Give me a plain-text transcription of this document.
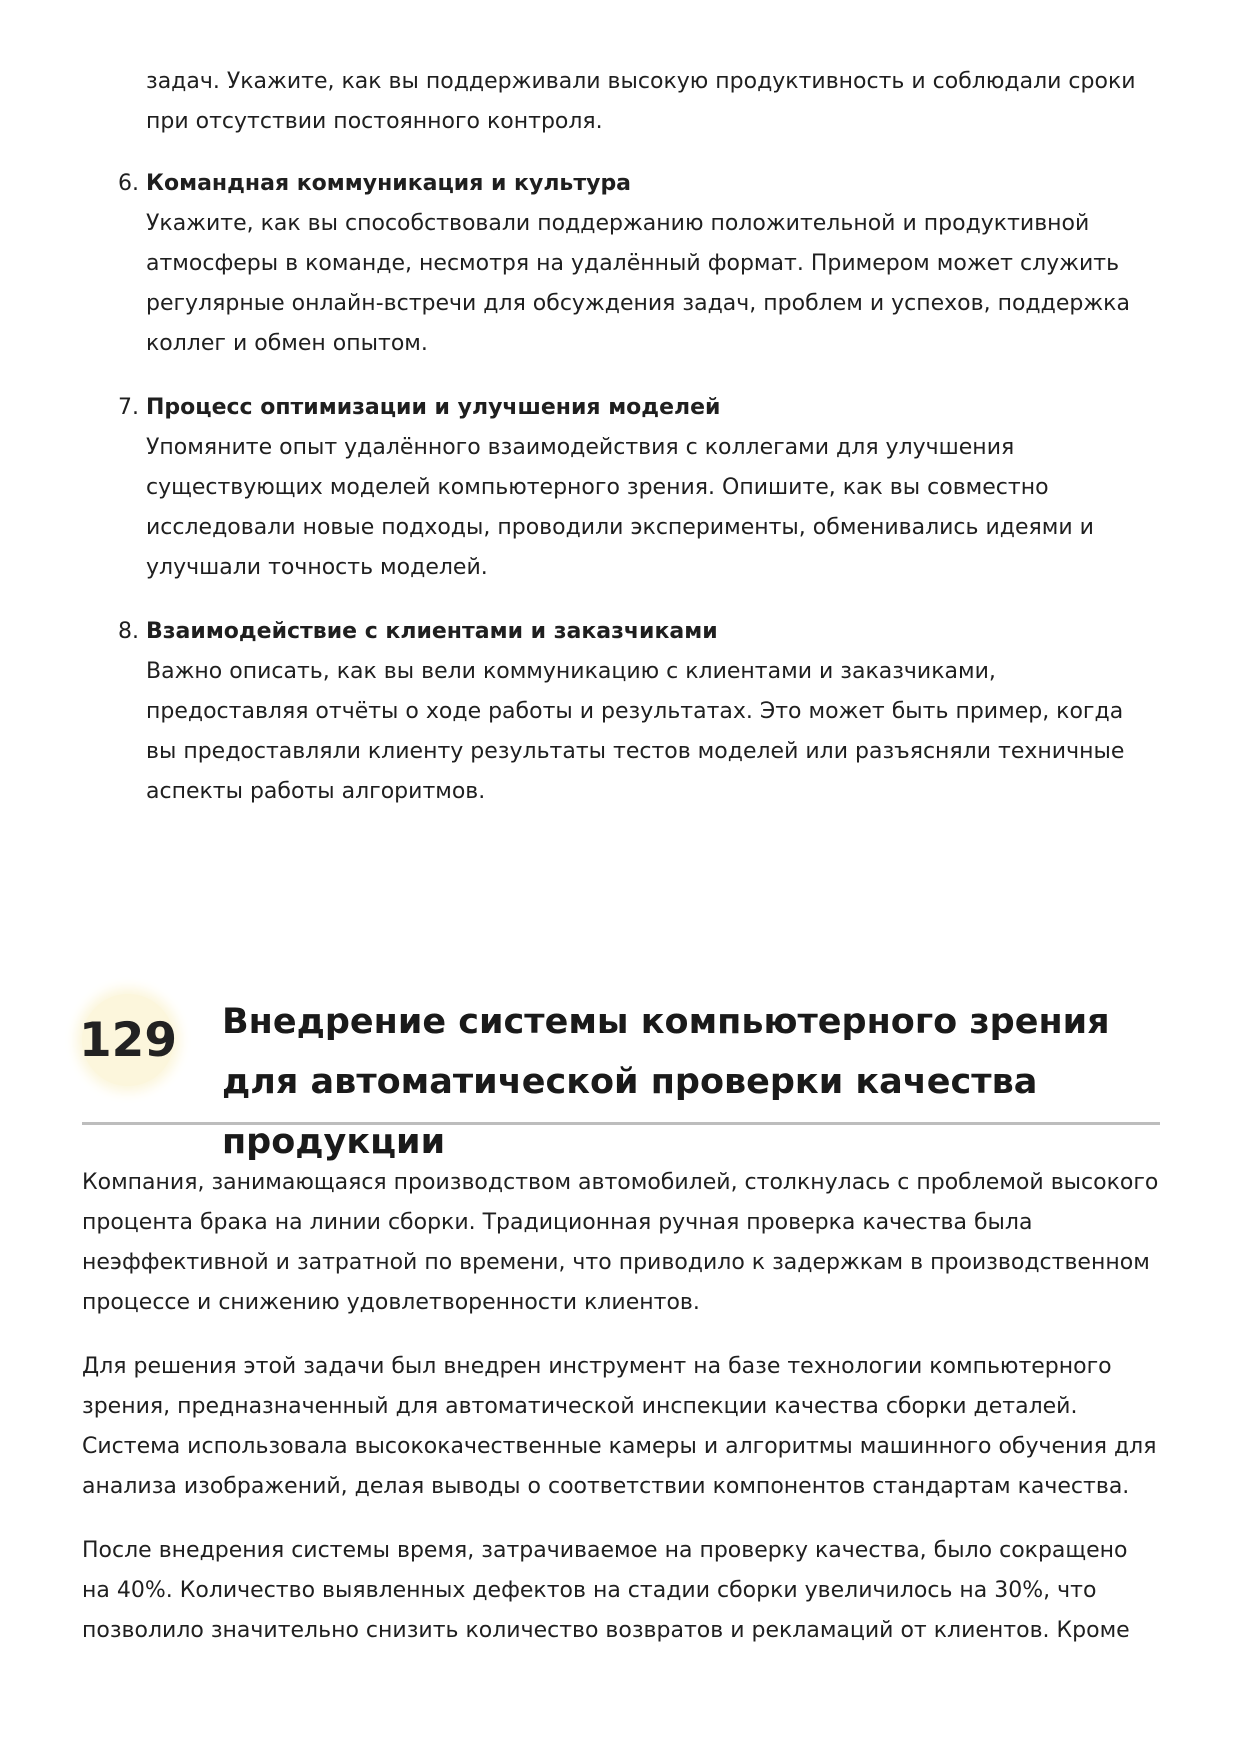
задач. Укажите, как вы поддерживали высокую продуктивность и соблюдали сроки при отсутствии постоянного контроля.

6. Командная коммуникация и культура
Укажите, как вы способствовали поддержанию положительной и продуктивной атмосферы в команде, несмотря на удалённый формат. Примером может служить регулярные онлайн-встречи для обсуждения задач, проблем и успехов, поддержка коллег и обмен опытом.
7. Процесс оптимизации и улучшения моделей
Упомяните опыт удалённого взаимодействия с коллегами для улучшения существующих моделей компьютерного зрения. Опишите, как вы совместно исследовали новые подходы, проводили эксперименты, обменивались идеями и улучшали точность моделей.
8. Взаимодействие с клиентами и заказчиками
Важно описать, как вы вели коммуникацию с клиентами и заказчиками, предоставляя отчёты о ходе работы и результатах. Это может быть пример, когда вы предоставляли клиенту результаты тестов моделей или разъясняли техничные аспекты работы алгоритмов.
129 Внедрение системы компьютерного зрения для автоматической проверки качества продукции

Компания, занимающаяся производством автомобилей, столкнулась с проблемой высокого процента брака на линии сборки. Традиционная ручная проверка качества была неэффективной и затратной по времени, что приводило к задержкам в производственном процессе и снижению удовлетворенности клиентов.

Для решения этой задачи был внедрен инструмент на базе технологии компьютерного зрения, предназначенный для автоматической инспекции качества сборки деталей. Система использовала высококачественные камеры и алгоритмы машинного обучения для анализа изображений, делая выводы о соответствии компонентов стандартам качества.

После внедрения системы время, затрачиваемое на проверку качества, было сокращено на 40%. Количество выявленных дефектов на стадии сборки увеличилось на 30%, что позволило значительно снизить количество возвратов и рекламаций от клиентов. Кроме
